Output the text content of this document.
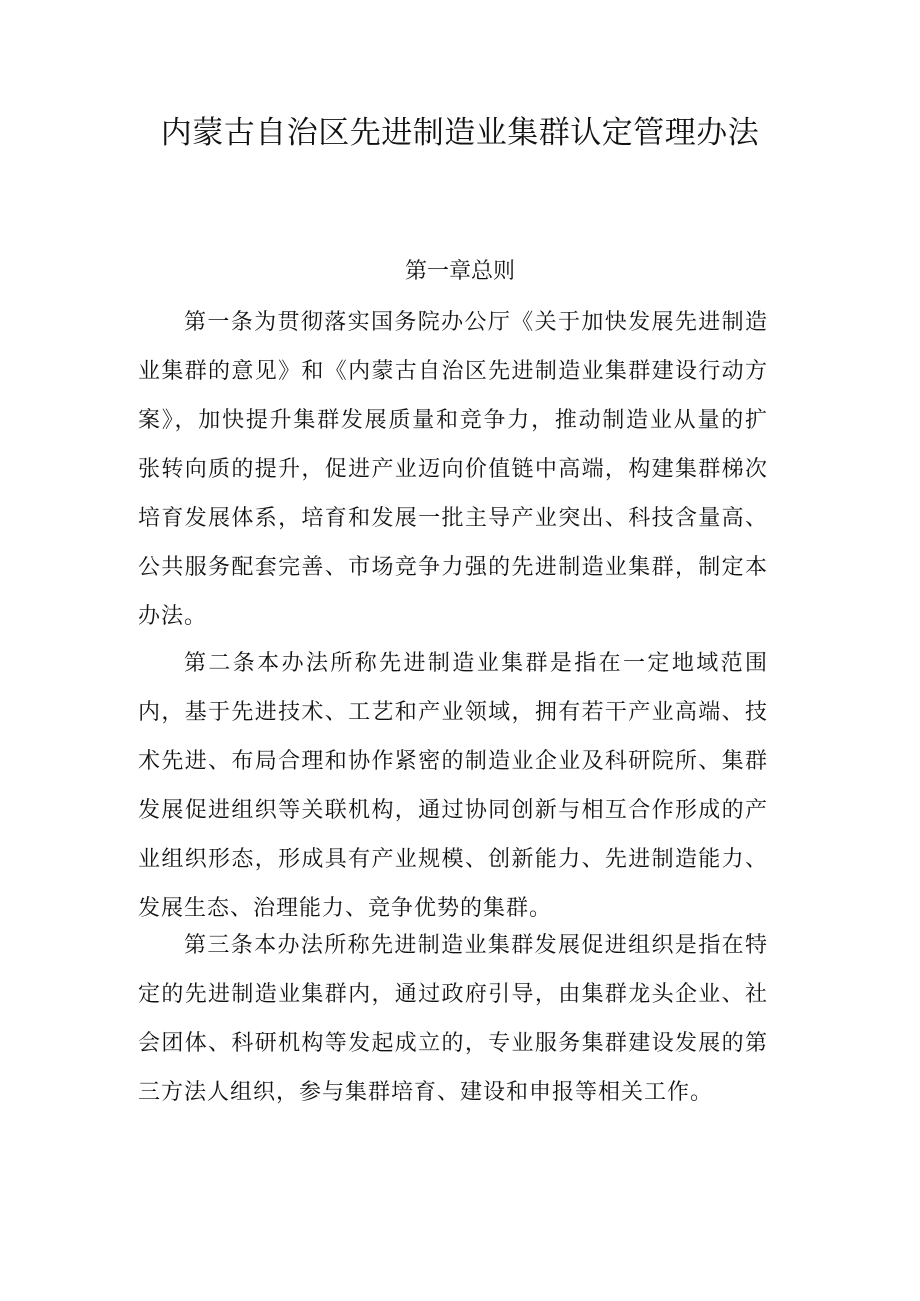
内蒙古自治区先进制造业集群认定管理办法
第一章总则

第一条为贯彻落实国务院办公厅《关于加快发展先进制造业集群的意见》和《内蒙古自治区先进制造业集群建设行动方案》，加快提升集群发展质量和竞争力，推动制造业从量的扩张转向质的提升，促进产业迈向价值链中高端，构建集群梯次培育发展体系，培育和发展一批主导产业突出、科技含量高、公共服务配套完善、市场竞争力强的先进制造业集群，制定本办法。

第二条本办法所称先进制造业集群是指在一定地域范围内，基于先进技术、工艺和产业领域，拥有若干产业高端、技术先进、布局合理和协作紧密的制造业企业及科研院所、集群发展促进组织等关联机构，通过协同创新与相互合作形成的产业组织形态，形成具有产业规模、创新能力、先进制造能力、发展生态、治理能力、竞争优势的集群。

第三条本办法所称先进制造业集群发展促进组织是指在特定的先进制造业集群内，通过政府引导，由集群龙头企业、社会团体、科研机构等发起成立的，专业服务集群建设发展的第三方法人组织，参与集群培育、建设和申报等相关工作。
